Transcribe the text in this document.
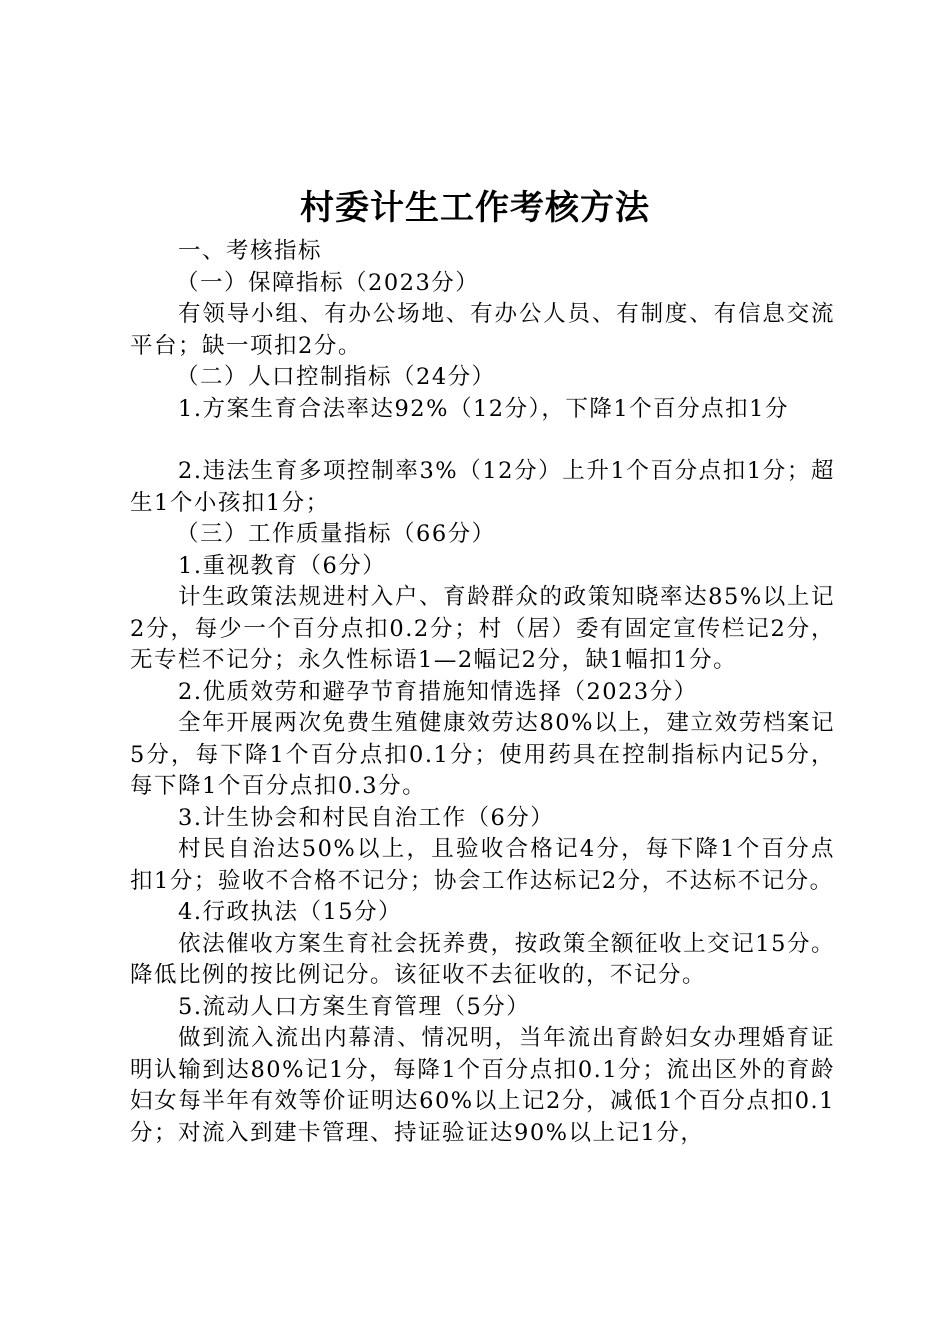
村委计生工作考核方法

一、考核指标

（一）保障指标（2023分）

有领导小组、有办公场地、有办公人员、有制度、有信息交流平台；缺一项扣2分。

（二）人口控制指标（24分）

1.方案生育合法率达92%（12分），下降1个百分点扣1分

2.违法生育多项控制率3%（12分）上升1个百分点扣1分；超生1个小孩扣1分；

（三）工作质量指标（66分）

1.重视教育（6分）

计生政策法规进村入户、育龄群众的政策知晓率达85%以上记2分，每少一个百分点扣0.2分；村（居）委有固定宣传栏记2分，无专栏不记分；永久性标语1—2幅记2分，缺1幅扣1分。

2.优质效劳和避孕节育措施知情选择（2023分）

全年开展两次免费生殖健康效劳达80%以上，建立效劳档案记5分，每下降1个百分点扣0.1分；使用药具在控制指标内记5分，每下降1个百分点扣0.3分。

3.计生协会和村民自治工作（6分）

村民自治达50%以上，且验收合格记4分，每下降1个百分点扣1分；验收不合格不记分；协会工作达标记2分，不达标不记分。

4.行政执法（15分）

依法催收方案生育社会抚养费，按政策全额征收上交记15分。降低比例的按比例记分。该征收不去征收的，不记分。

5.流动人口方案生育管理（5分）

做到流入流出内幕清、情况明，当年流出育龄妇女办理婚育证明认输到达80%记1分，每降1个百分点扣0.1分；流出区外的育龄妇女每半年有效等价证明达60%以上记2分，减低1个百分点扣0.1分；对流入到建卡管理、持证验证达90%以上记1分，
